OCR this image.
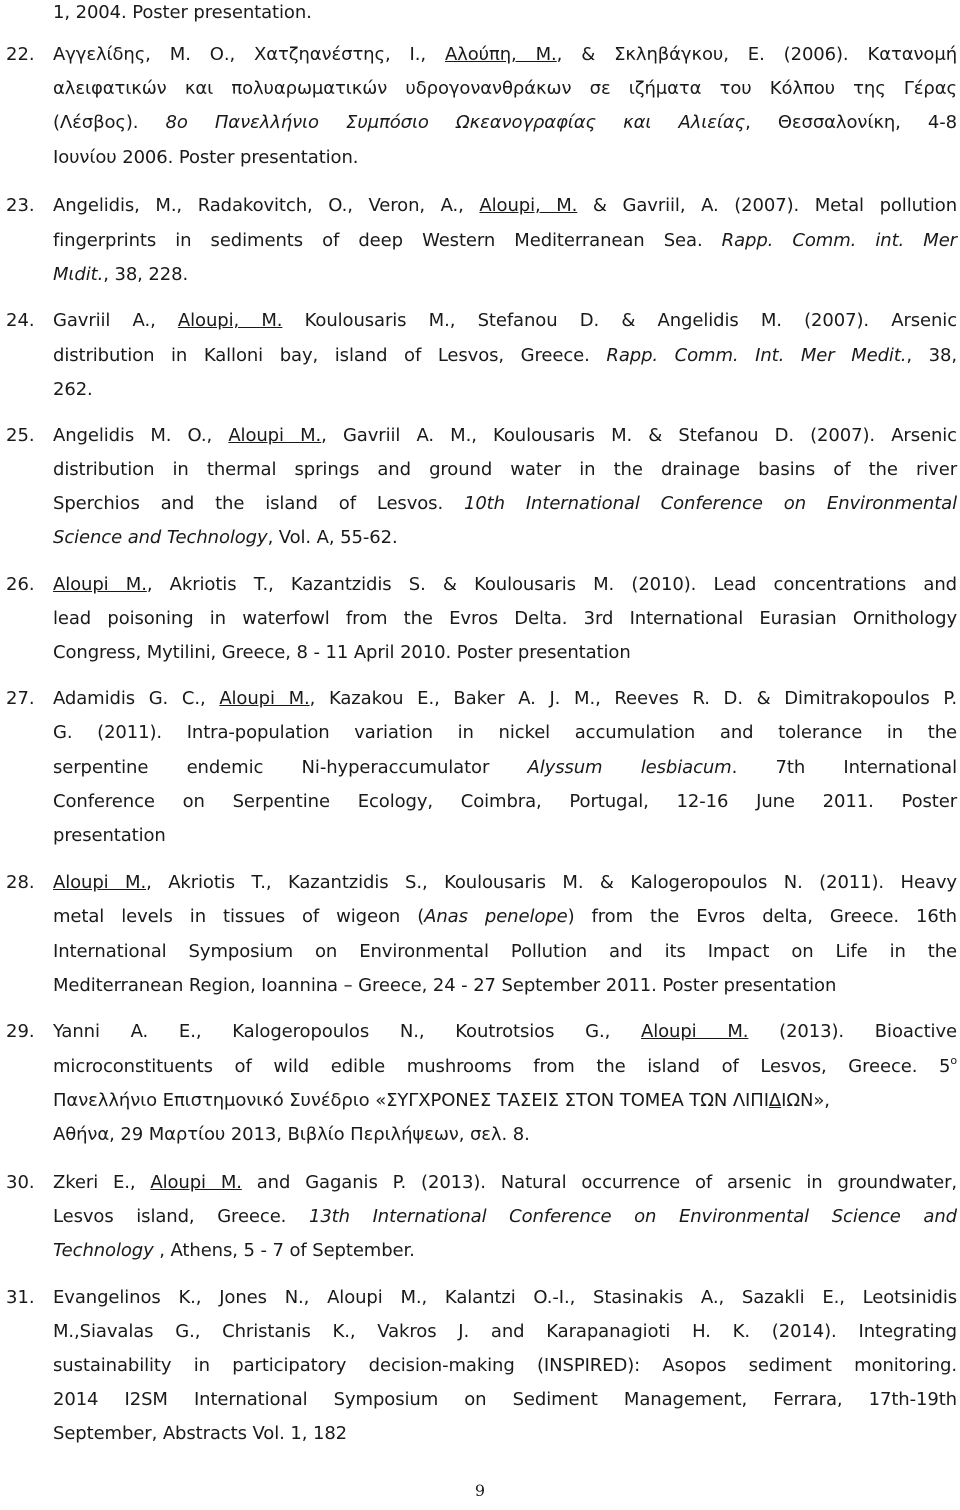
1, 2004. Poster presentation.
22. Αγγελίδης, Μ. Ο., Χατζηανέστης, Ι., Αλούπη, Μ., & Σκληβάγκου, Ε. (2006). Κατανομή
αλειφατικών και πολυαρωματικών υδρογονανθράκων σε ιζήματα του Κόλπου της Γέρας
(Λέσβος). 8ο Πανελλήνιο Συμπόσιο Ωκεανογραφίας και Αλιείας, Θεσσαλονίκη, 4-8
Ιουνίου 2006. Poster presentation.
23. Angelidis, M., Radakovitch, O., Veron, A., Aloupi, M. & Gavriil, A. (2007). Metal pollution
fingerprints in sediments of deep Western Mediterranean Sea. Rapp. Comm. int. Mer
Mιdit., 38, 228.
24. Gavriil A., Aloupi, M. Koulousaris M., Stefanou D. & Angelidis M. (2007). Arsenic
distribution in Kalloni bay, island of Lesvos, Greece. Rapp. Comm. Int. Mer Medit., 38,
262.
25. Angelidis M. O., Aloupi M., Gavriil A. M., Koulousaris M. & Stefanou D. (2007). Arsenic
distribution in thermal springs and ground water in the drainage basins of the river
Sperchios and the island of Lesvos. 10th International Conference on Environmental
Science and Technology, Vol. A, 55-62.
26. Aloupi M., Akriotis T., Kazantzidis S. & Koulousaris M. (2010). Lead concentrations and
lead poisoning in waterfowl from the Evros Delta. 3rd International Eurasian Ornithology
Congress, Mytilini, Greece, 8 - 11 April 2010. Poster presentation
27. Adamidis G. C., Aloupi M., Kazakou E., Baker A. J. M., Reeves R. D. & Dimitrakopoulos P.
G. (2011). Intra-population variation in nickel accumulation and tolerance in the
serpentine endemic Ni-hyperaccumulator Alyssum lesbiacum. 7th International
Conference on Serpentine Ecology, Coimbra, Portugal, 12-16 June 2011. Poster
presentation
28. Aloupi M., Akriotis T., Kazantzidis S., Koulousaris M. & Kalogeropoulos N. (2011). Heavy
metal levels in tissues of wigeon (Anas penelope) from the Evros delta, Greece. 16th
International Symposium on Environmental Pollution and its Impact on Life in the
Mediterranean Region, Ioannina – Greece, 24 - 27 September 2011. Poster presentation
29. Yanni A. E., Kalogeropoulos N., Koutrotsios G., Aloupi M. (2013). Bioactive
microconstituents of wild edible mushrooms from the island of Lesvos, Greece. $5^o$
Πανελλήνιο Επιστημονικό Συνέδριο «ΣΥΓΧΡΟΝΕΣ ΤΑΣΕΙΣ ΣΤΟΝ ΤΟΜΕΑ ΤΩΝ ΛΙΠΙΔΙΩΝ»,
Αθήνα, 29 Μαρτίου 2013, Βιβλίο Περιλήψεων, σελ. 8.
30. Zkeri E., Aloupi M. and Gaganis P. (2013). Natural occurrence of arsenic in groundwater,
Lesvos island, Greece. 13th International Conference on Environmental Science and
Technology , Athens, 5 - 7 of September.
31. Evangelinos K., Jones N., Aloupi M., Kalantzi O.-I., Stasinakis A., Sazakli E., Leotsinidis
M.,Siavalas G., Christanis K., Vakros J. and Karapanagioti H. K. (2014). Integrating
sustainability in participatory decision-making (INSPIRED): Asopos sediment monitoring.
2014 I2SM International Symposium on Sediment Management, Ferrara, 17th-19th
September, Abstracts Vol. 1, 182
9
